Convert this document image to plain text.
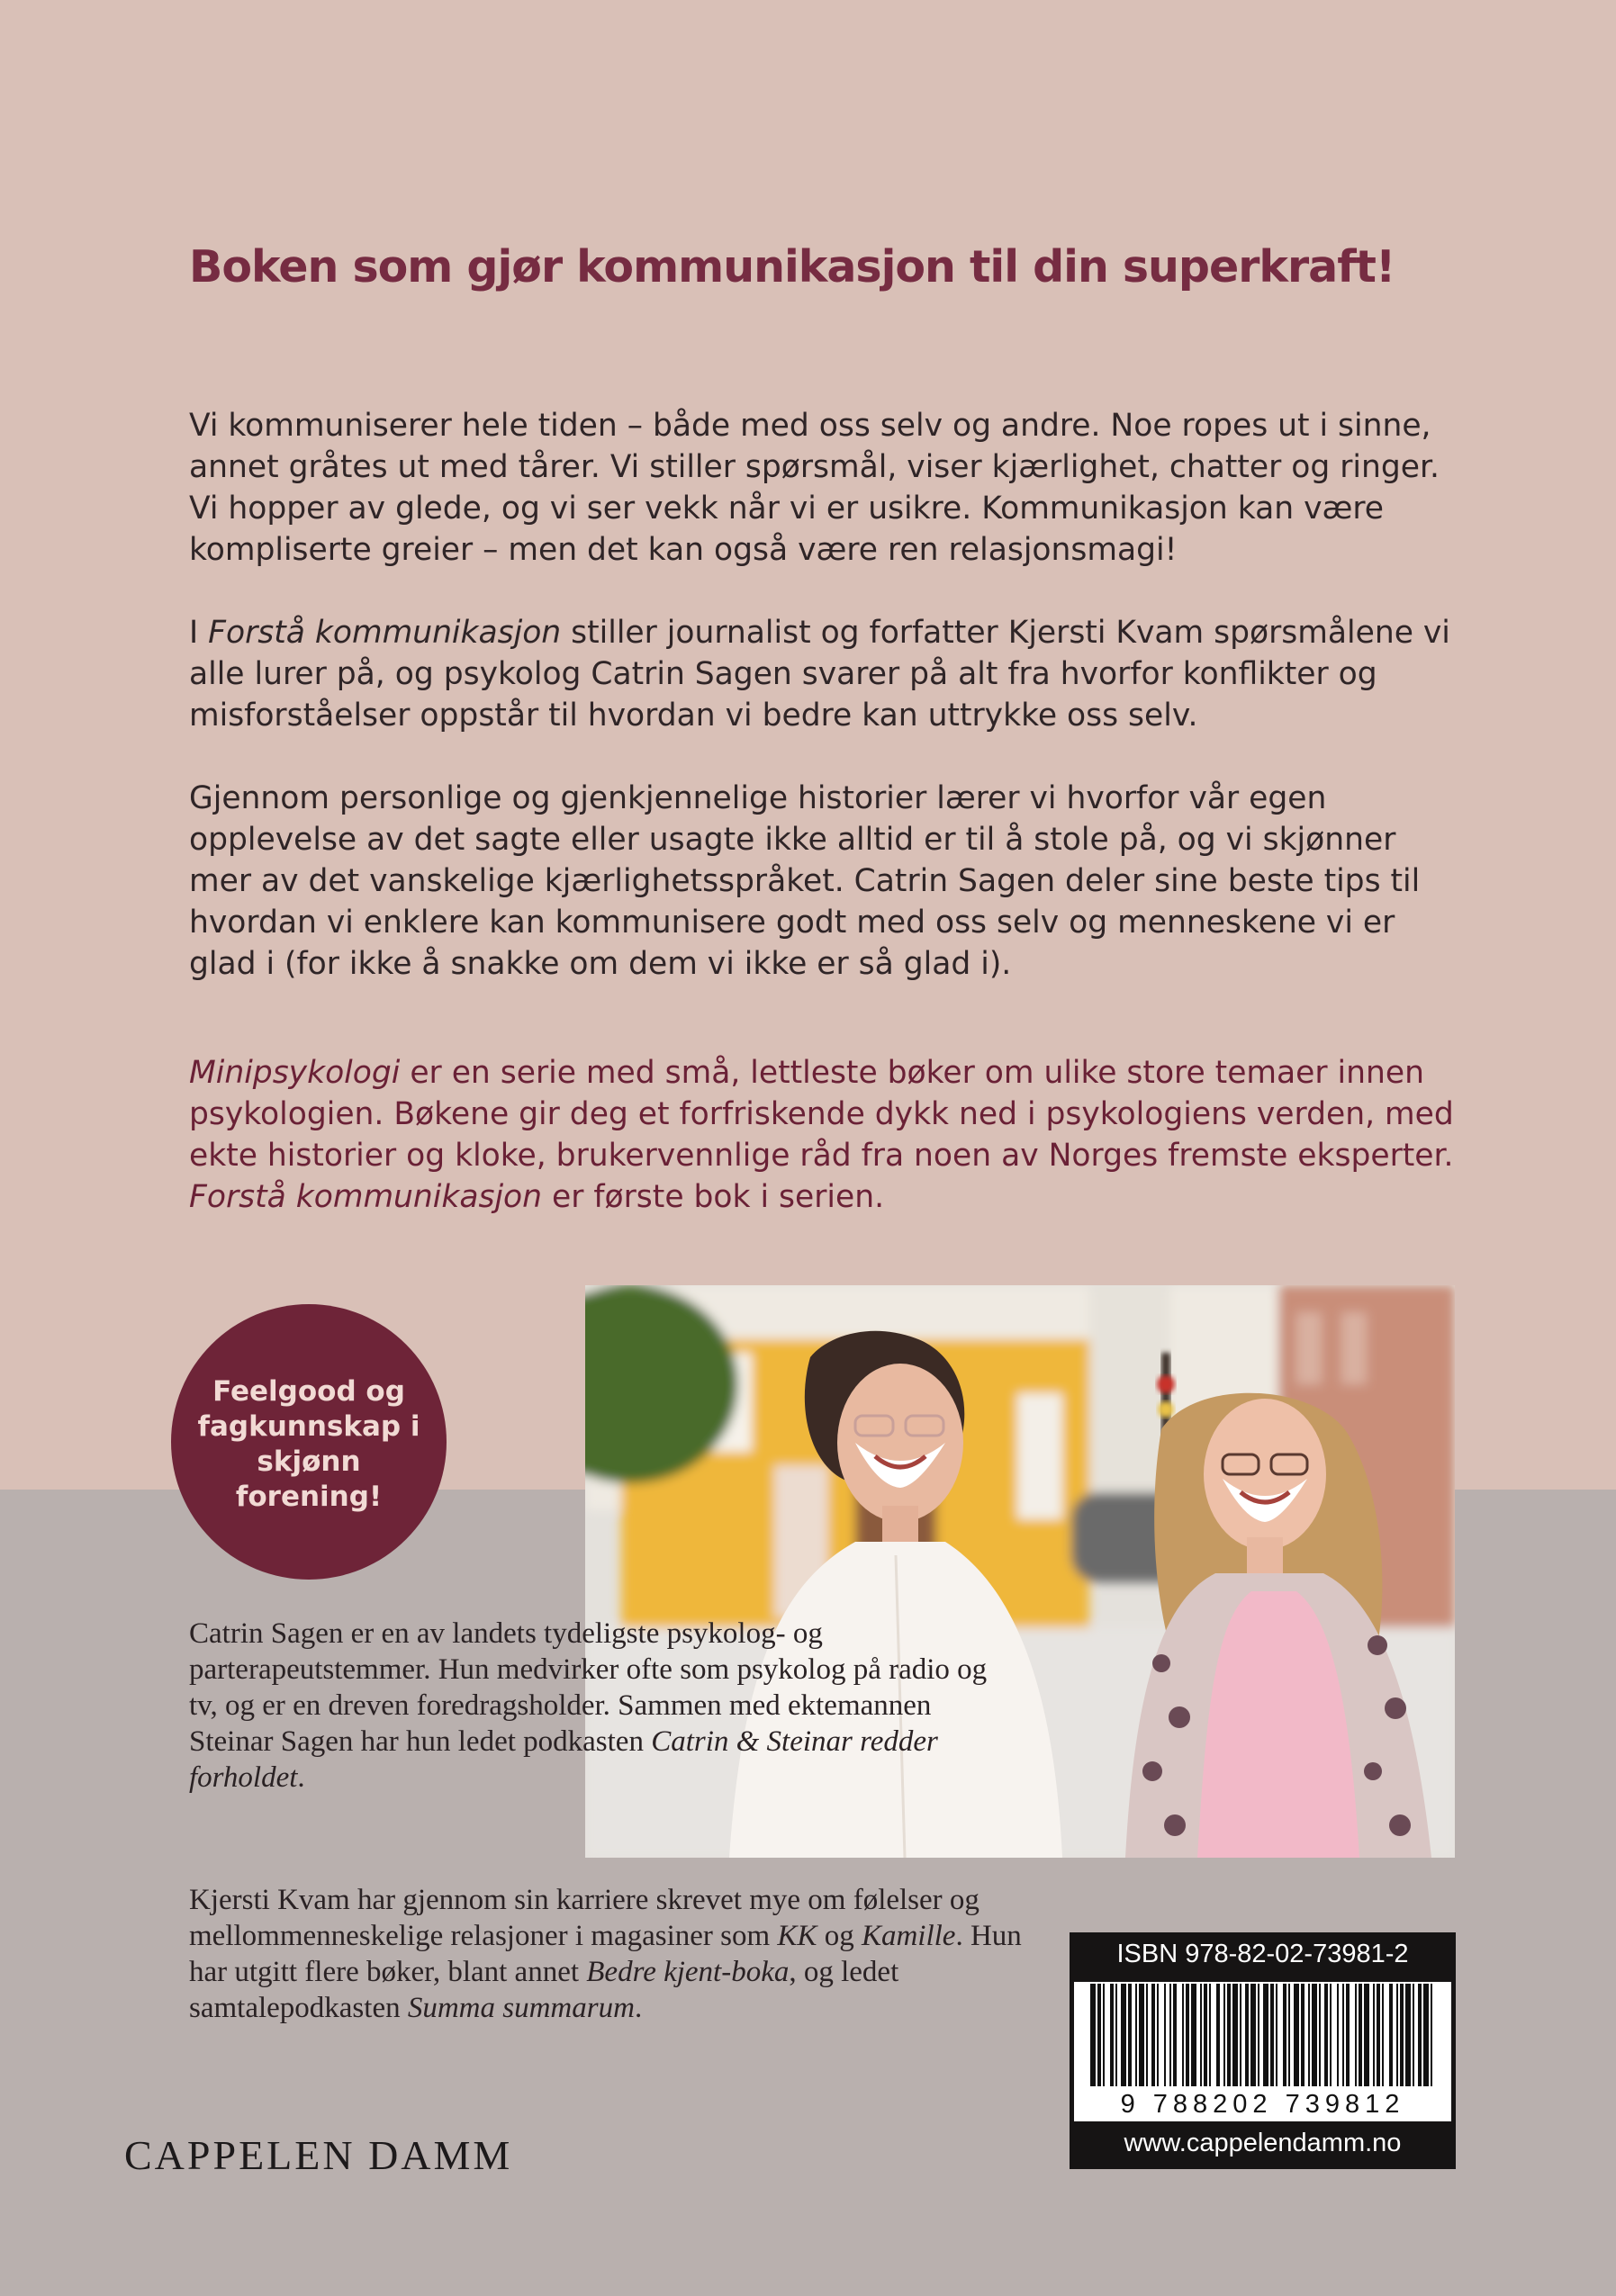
Boken som gjør kommunikasjon til din superkraft!

Vi kommuniserer hele tiden – både med oss selv og andre. Noe ropes ut i sinne, annet gråtes ut med tårer. Vi stiller spørsmål, viser kjærlighet, chatter og ringer. Vi hopper av glede, og vi ser vekk når vi er usikre. Kommunikasjon kan være kompliserte greier – men det kan også være ren relasjonsmagi!

I Forstå kommunikasjon stiller journalist og forfatter Kjersti Kvam spørsmålene vi alle lurer på, og psykolog Catrin Sagen svarer på alt fra hvorfor konflikter og misforståelser oppstår til hvordan vi bedre kan uttrykke oss selv.

Gjennom personlige og gjenkjennelige historier lærer vi hvorfor vår egen opplevelse av det sagte eller usagte ikke alltid er til å stole på, og vi skjønner mer av det vanskelige kjærlighetsspråket. Catrin Sagen deler sine beste tips til hvordan vi enklere kan kommunisere godt med oss selv og menneskene vi er glad i (for ikke å snakke om dem vi ikke er så glad i).

Minipsykologi er en serie med små, lettleste bøker om ulike store temaer innen psykologien. Bøkene gir deg et forfriskende dykk ned i psykologiens verden, med ekte historier og kloke, brukervennlige råd fra noen av Norges fremste eksperter. Forstå kommunikasjon er første bok i serien.

Feelgood og fagkunnskap i skjønn forening!

Catrin Sagen er en av landets tydeligste psykolog- og parterapeutstemmer. Hun medvirker ofte som psykolog på radio og tv, og er en dreven foredragsholder. Sammen med ektemannen Steinar Sagen har hun ledet podkasten Catrin & Steinar redder forholdet.

Kjersti Kvam har gjennom sin karriere skrevet mye om følelser og mellommenneskelige relasjoner i magasiner som KK og Kamille. Hun har utgitt flere bøker, blant annet Bedre kjent-boka, og ledet samtalepodkasten Summa summarum.

CAPPELEN DAMM
ISBN 978-82-02-73981-2
9 788202 739812
www.cappelendamm.no
